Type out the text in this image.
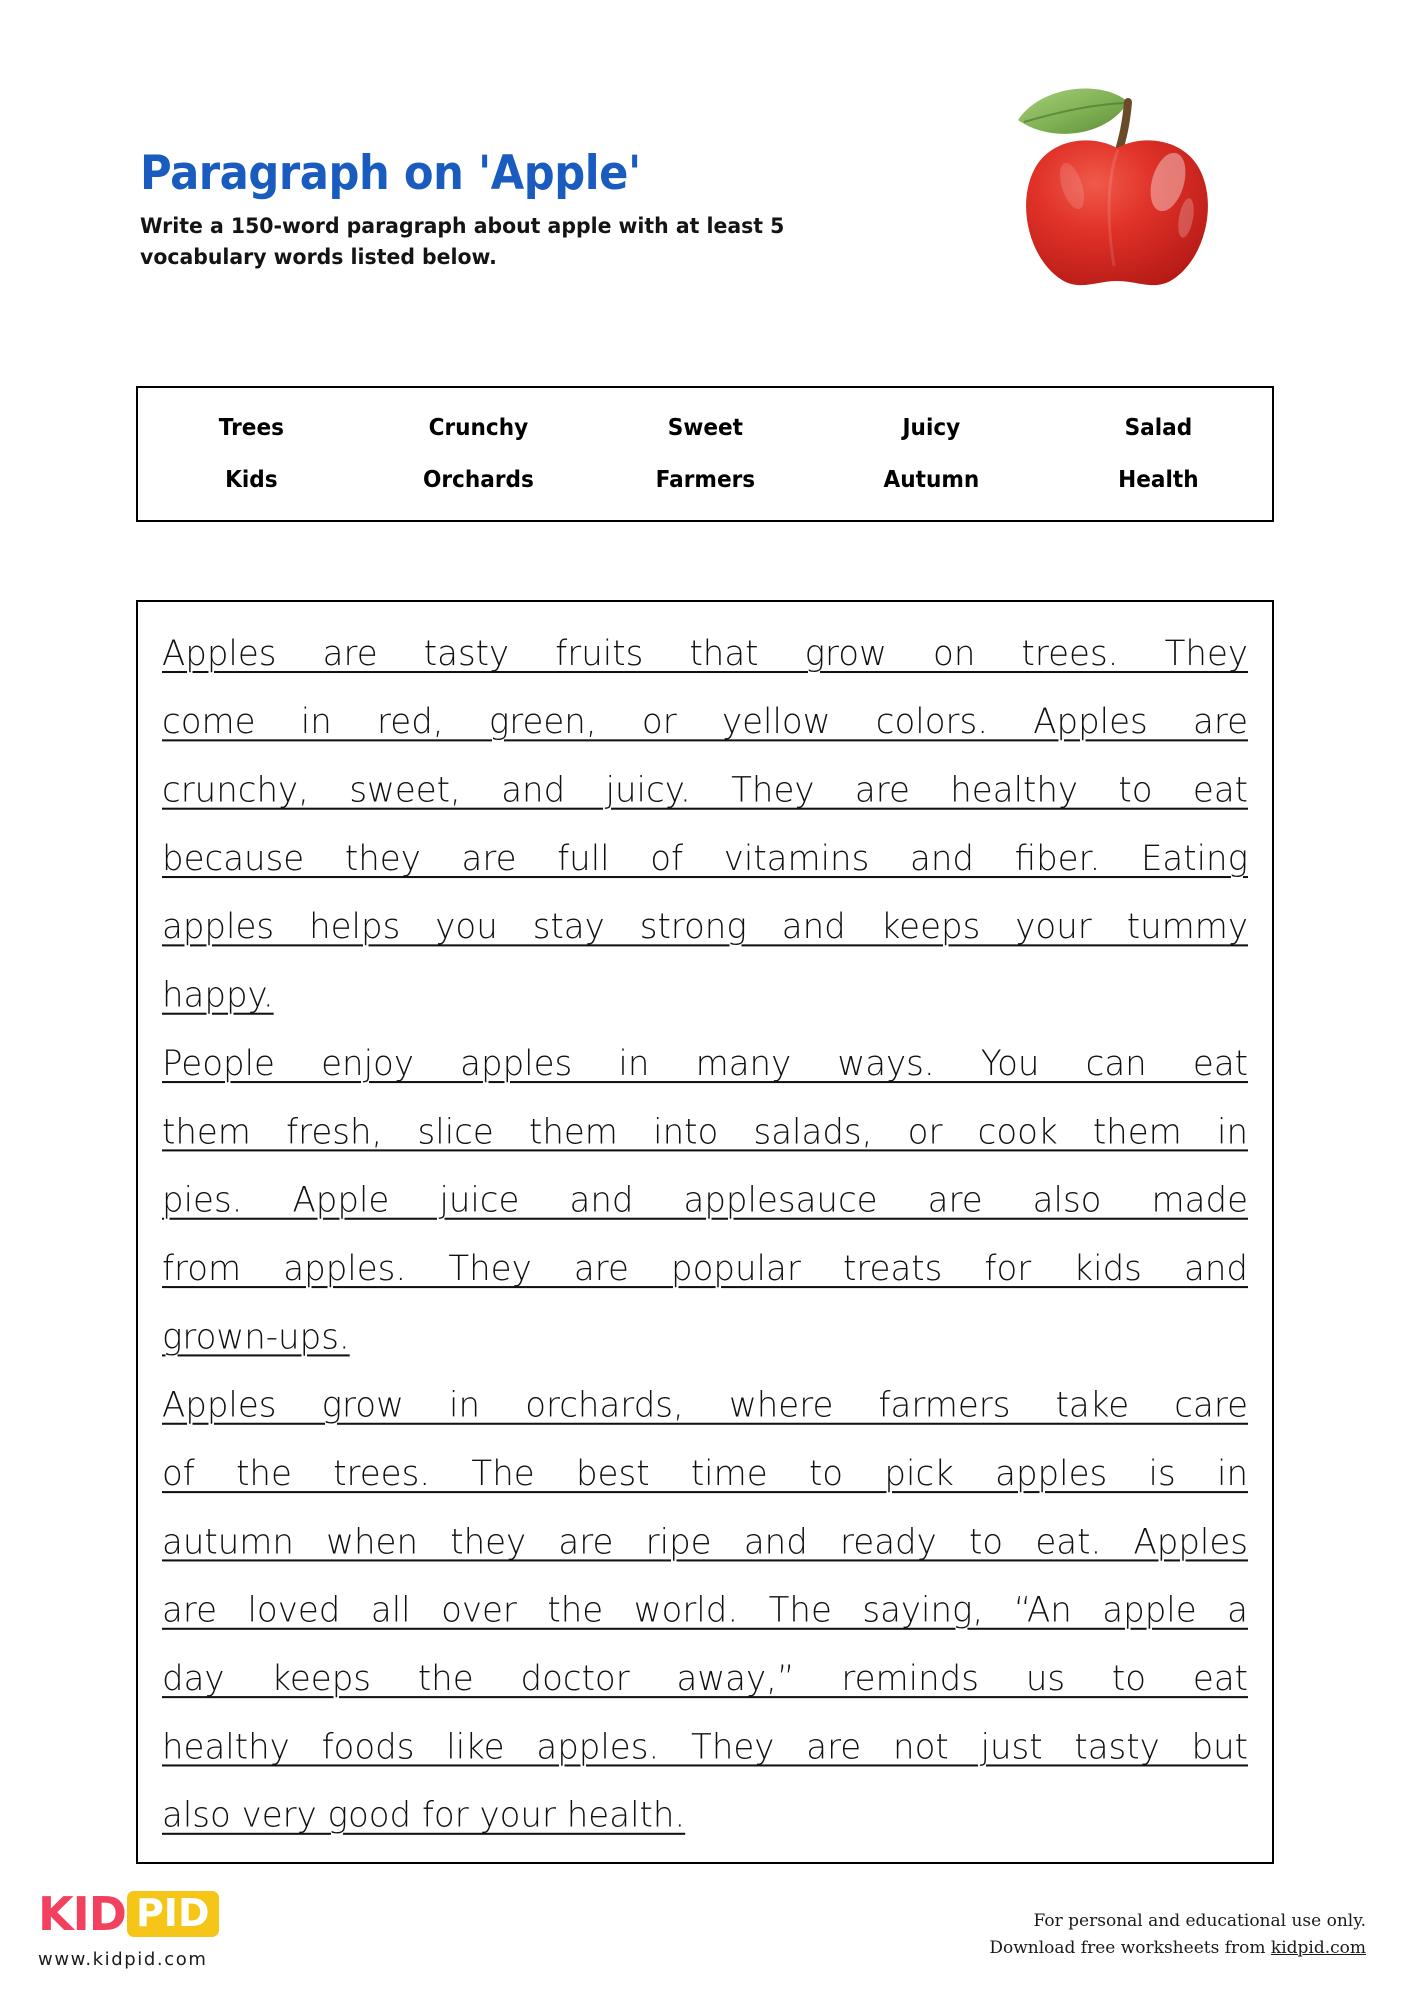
Paragraph on 'Apple'

Write a 150-word paragraph about apple with at least 5 vocabulary words listed below.

Trees	Crunchy	Sweet	Juicy	Salad
Kids	Orchards	Farmers	Autumn	Health
Apples are tasty fruits that grow on trees. They
come in red, green, or yellow colors. Apples are
crunchy, sweet, and juicy. They are healthy to eat
because they are full of vitamins and fiber. Eating
apples helps you stay strong and keeps your tummy
happy.
People enjoy apples in many ways. You can eat
them fresh, slice them into salads, or cook them in
pies. Apple juice and applesauce are also made
from apples. They are popular treats for kids and
grown-ups.
Apples grow in orchards, where farmers take care
of the trees. The best time to pick apples is in
autumn when they are ripe and ready to eat. Apples
are loved all over the world. The saying, “An apple a
day keeps the doctor away,” reminds us to eat
healthy foods like apples. They are not just tasty but
also very good for your health.
KID PID
www.kidpid.com
For personal and educational use only.
Download free worksheets from kidpid.com
